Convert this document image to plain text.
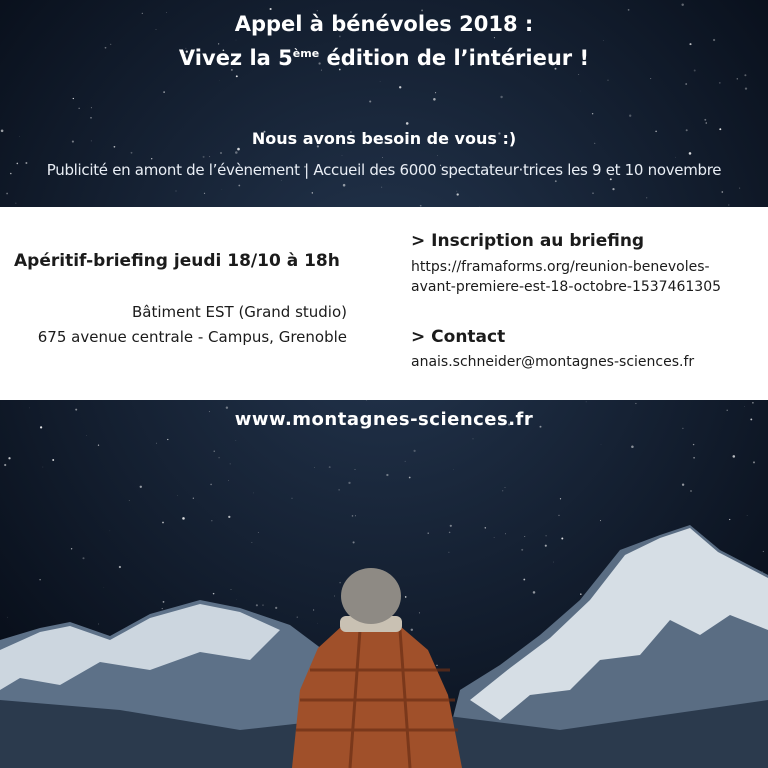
Appel à bénévoles 2018 :
Vivez la 5ème édition de l’intérieur !
Nous avons besoin de vous :)
Publicité en amont de l’évènement | Accueil des 6000 spectateur·trices les 9 et 10 novembre
Apéritif-briefing jeudi 18/10 à 18h
Bâtiment EST (Grand studio)
675 avenue centrale - Campus, Grenoble
> Inscription au briefing
https://framaforms.org/reunion-benevoles-
avant-premiere-est-18-octobre-1537461305
> Contact
anais.schneider@montagnes-sciences.fr
www.montagnes-sciences.fr
